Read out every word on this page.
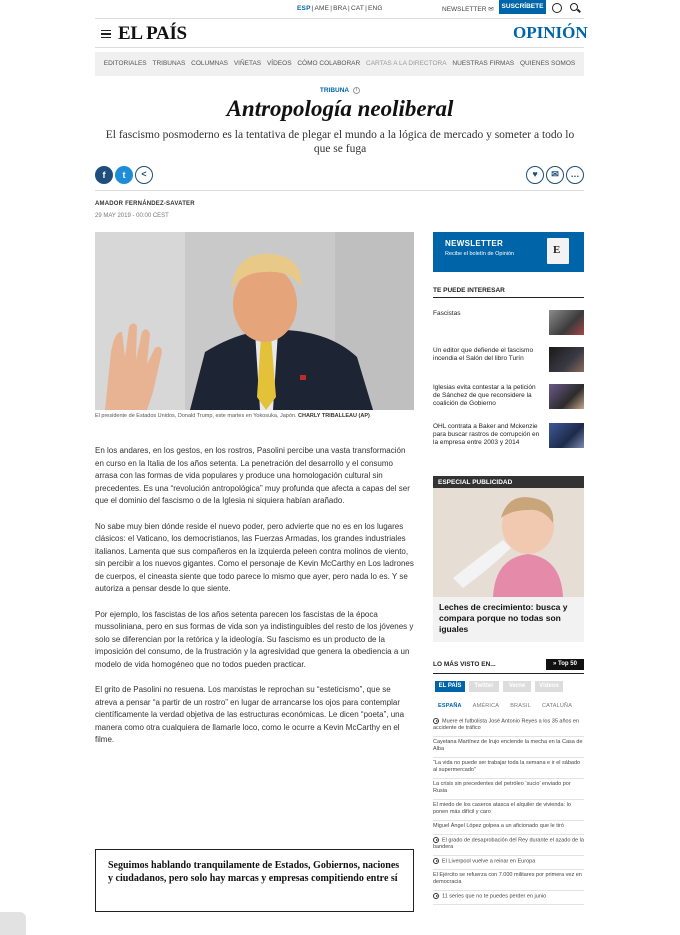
ESP|AME|BRA|CAT|ENG	NEWSLETTER ✉	SUSCRÍBETE
EL PAÍS	OPINIÓN
EDITORIALES TRIBUNAS COLUMNAS VIÑETAS VÍDEOS CÓMO COLABORAR CARTAS A LA DIRECTORA NUESTRAS FIRMAS QUIENES SOMOS
TRIBUNA i
Antropología neoliberal

El fascismo posmoderno es la tentativa de plegar el mundo a la lógica de mercado y someter a todo lo que se fuga

f	t	<	♥	✉	…
AMADOR FERNÁNDEZ-SAVATER
29 MAY 2019 - 00:00 CEST
El presidente de Estados Unidos, Donald Trump, este martes en Yokosuka, Japón. CHARLY TRIBALLEAU (AP)

En los andares, en los gestos, en los rostros, Pasolini percibe una vasta transformación en curso en la Italia de los años setenta. La penetración del desarrollo y el consumo arrasa con las formas de vida populares y produce una homologación cultural sin precedentes. Es una “revolución antropológica” muy profunda que afecta a capas del ser que el dominio del fascismo o de la Iglesia ni siquiera habían arañado.

No sabe muy bien dónde reside el nuevo poder, pero advierte que no es en los lugares clásicos: el Vaticano, los democristianos, las Fuerzas Armadas, los grandes industriales italianos. Lamenta que sus compañeros en la izquierda peleen contra molinos de viento, sin percibir a los nuevos gigantes. Como el personaje de Kevin McCarthy en Los ladrones de cuerpos, el cineasta siente que todo parece lo mismo que ayer, pero nada lo es. Y se autoriza a pensar desde lo que siente.

Por ejemplo, los fascistas de los años setenta parecen los fascistas de la época mussoliniana, pero en sus formas de vida son ya indistinguibles del resto de los jóvenes y solo se diferencian por la retórica y la ideología. Su fascismo es un producto de la imposición del consumo, de la frustración y la agresividad que genera la obediencia a un modelo de vida homogéneo que no todos pueden practicar.

El grito de Pasolini no resuena. Los marxistas le reprochan su “esteticismo”, que se atreva a pensar “a partir de un rostro” en lugar de arrancarse los ojos para contemplar científicamente la verdad objetiva de las estructuras económicas. Le dicen “poeta”, una manera como otra cualquiera de llamarle loco, como le ocurre a Kevin McCarthy en el filme.

Seguimos hablando tranquilamente de Estados, Gobiernos, naciones y ciudadanos, pero solo hay marcas y empresas compitiendo entre sí
NEWSLETTER
Recibe el boletín de Opinión
E
TE PUEDE INTERESAR
Fascistas
Un editor que defiende el fascismo incendia el Salón del libro Turín
Iglesias evita contestar a la petición de Sánchez de que reconsidere la coalición de Gobierno
OHL contrata a Baker and Mckenzie para buscar rastros de corrupción en la empresa entre 2003 y 2014
ESPECIAL PUBLICIDAD
Leches de crecimiento: busca y compara porque no todas son iguales
LO MÁS VISTO EN...	» Top 50
EL PAÍS	Twitter	Verne	Vídeos
ESPAÑA AMÉRICA BRASIL CATALUÑA
Muere el futbolista José Antonio Reyes a los 35 años en accidente de tráfico
Cayetana Martínez de Irujo enciende la mecha en la Casa de Alba
“La vida no puede ser trabajar toda la semana e ir el sábado al supermercado”
La crisis sin precedentes del petróleo ‘sucio’ enviado por Rusia
El miedo de los caseros atasca el alquiler de vivienda: lo ponen más difícil y caro
Miguel Ángel López golpea a un aficionado que le tiró
El grado de desaprobación del Rey durante el azado de la bandera
El Liverpool vuelve a reinar en Europa
El Ejército se refuerza con 7.000 militares por primera vez en democracia
11 series que no te puedes perder en junio
